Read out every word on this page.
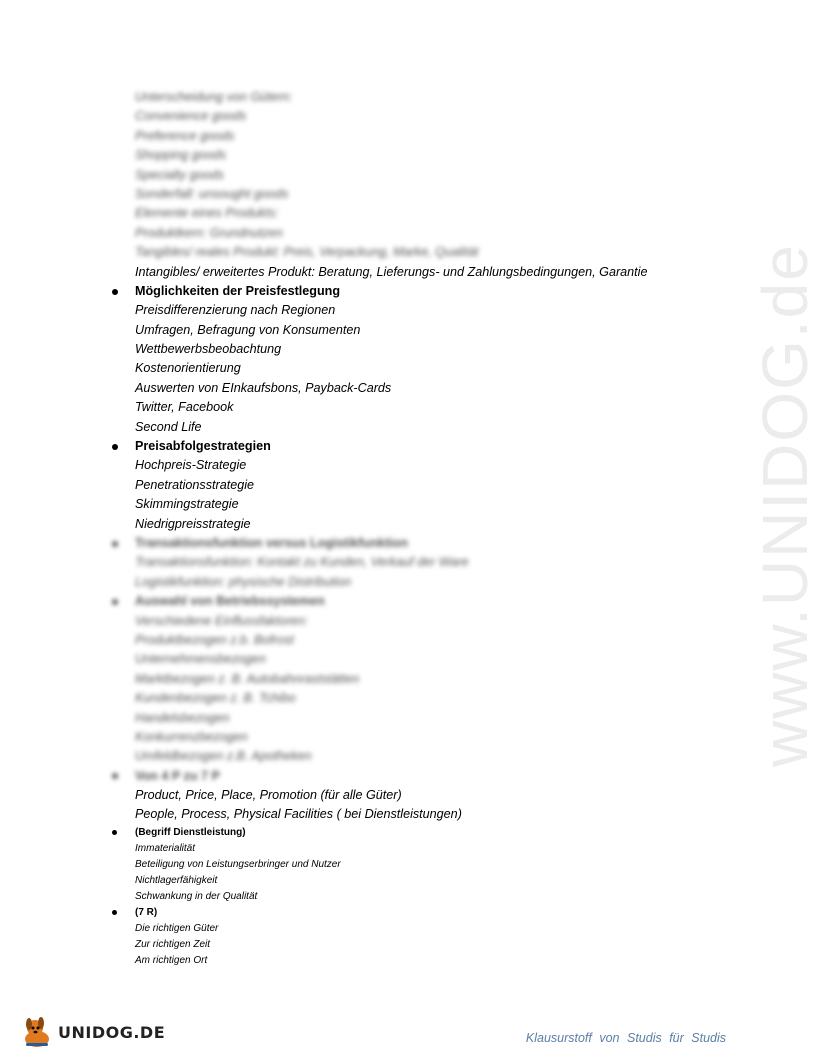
www.UNIDOG.de
Unterscheidung von Gütern:
Convenience goods
Preference goods
Shopping goods
Specialty goods
Sonderfall: unsought goods
Elemente eines Produkts:
Produktkern: Grundnutzen
Tangibles/ reales Produkt: Preis, Verpackung, Marke, Qualität
Intangibles/ erweitertes Produkt: Beratung, Lieferungs- und Zahlungsbedingungen, Garantie
Möglichkeiten der Preisfestlegung
Preisdifferenzierung nach Regionen
Umfragen, Befragung von Konsumenten
Wettbewerbsbeobachtung
Kostenorientierung
Auswerten von EInkaufsbons, Payback-Cards
Twitter, Facebook
Second Life
Preisabfolgestrategien
Hochpreis-Strategie
Penetrationsstrategie
Skimmingstrategie
Niedrigpreisstrategie
Transaktionsfunktion versus Logistikfunktion
Transaktionsfunktion: Kontakt zu Kunden, Verkauf der Ware
Logistikfunktion: physische Distribution
Auswahl von Betriebssystemen
Verschiedene Einflussfaktoren:
Produktbezogen z.b. Bofrost
Unternehmensbezogen
Marktbezogen z. B. Autobahnraststätten
Kundenbezogen z. B. Tchibo
Handelsbezogen
Konkurrenzbezogen
Umfeldbezogen z.B. Apotheken
Von 4 P zu 7 P
Product, Price, Place, Promotion (für alle Güter)
People, Process, Physical Facilities ( bei Dienstleistungen)
(Begriff Dienstleistung)
Immaterialität
Beteiligung von Leistungserbringer und Nutzer
Nichtlagerfähigkeit
Schwankung in der Qualität
(7 R)
Die richtigen Güter
Zur richtigen Zeit
Am richtigen Ort
UNIDOG.DE	Klausurstoff von Studis für Studis
